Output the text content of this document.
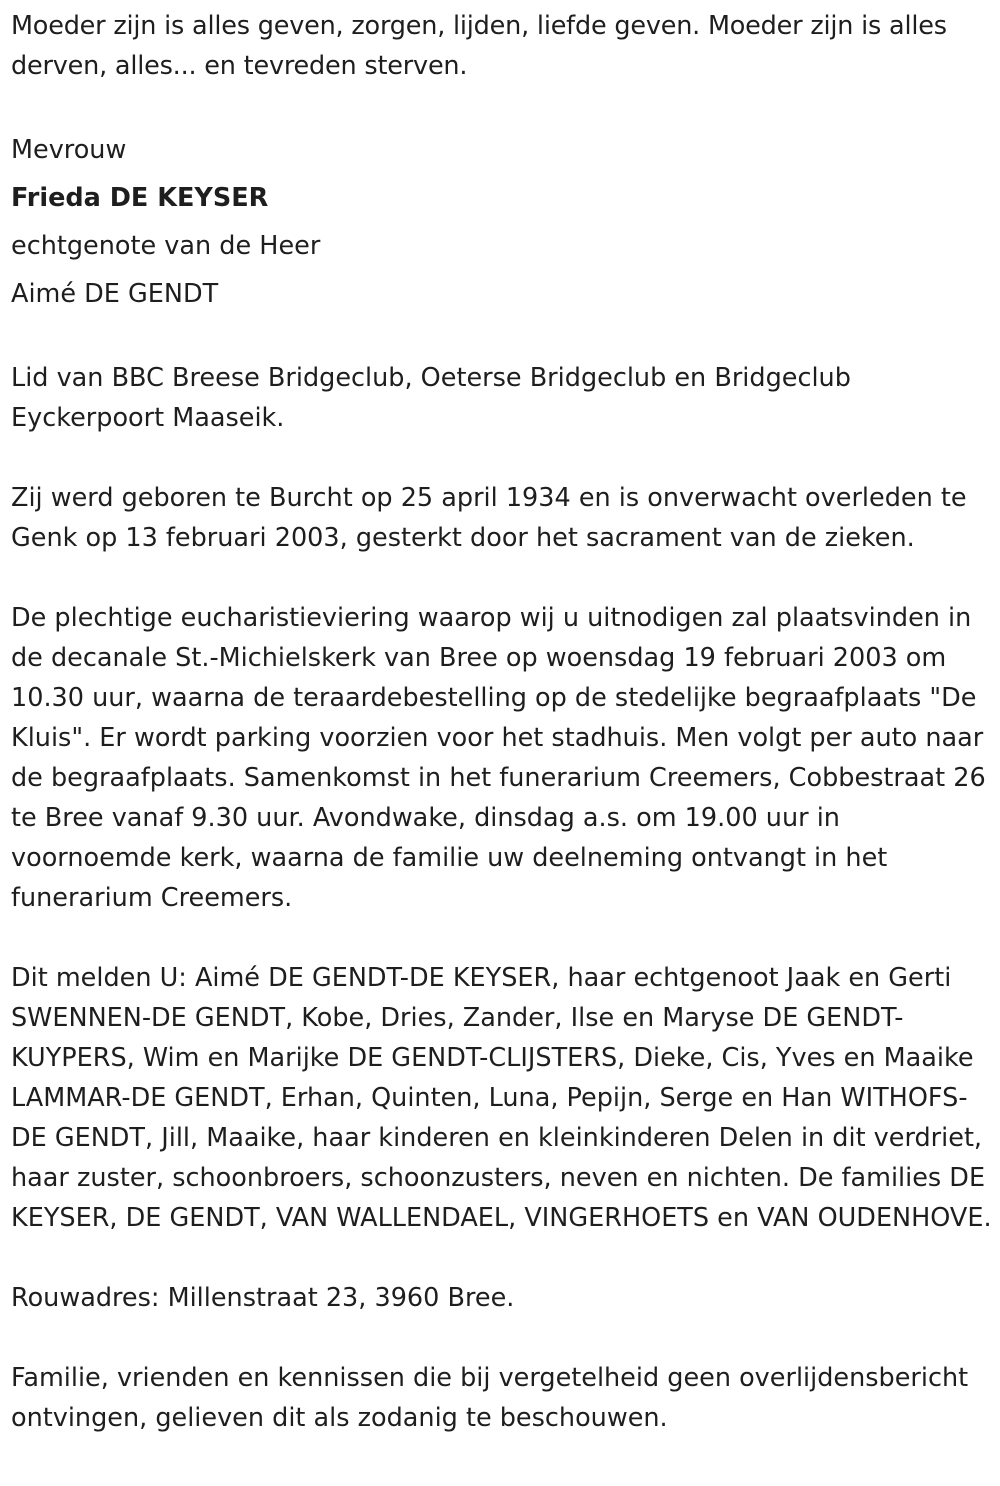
Moeder zijn is alles geven, zorgen, lijden, liefde geven. Moeder zijn is alles derven, alles... en tevreden sterven.

Mevrouw

Frieda DE KEYSER

echtgenote van de Heer

Aimé DE GENDT

Lid van BBC Breese Bridgeclub, Oeterse Bridgeclub en Bridgeclub Eyckerpoort Maaseik.

Zij werd geboren te Burcht op 25 april 1934 en is onverwacht overleden te Genk op 13 februari 2003, gesterkt door het sacrament van de zieken.

De plechtige eucharistieviering waarop wij u uitnodigen zal plaatsvinden in de decanale St.-Michielskerk van Bree op woensdag 19 februari 2003 om 10.30 uur, waarna de teraardebestelling op de stedelijke begraafplaats "De Kluis". Er wordt parking voorzien voor het stadhuis. Men volgt per auto naar de begraafplaats. Samenkomst in het funerarium Creemers, Cobbestraat 26 te Bree vanaf 9.30 uur. Avondwake, dinsdag a.s. om 19.00 uur in voornoemde kerk, waarna de familie uw deelneming ontvangt in het funerarium Creemers.

Dit melden U: Aimé DE GENDT-DE KEYSER, haar echtgenoot Jaak en Gerti SWENNEN-DE GENDT, Kobe, Dries, Zander, Ilse en Maryse DE GENDT-KUYPERS, Wim en Marijke DE GENDT-CLIJSTERS, Dieke, Cis, Yves en Maaike LAMMAR-DE GENDT, Erhan, Quinten, Luna, Pepijn, Serge en Han WITHOFS-DE GENDT, Jill, Maaike, haar kinderen en kleinkinderen Delen in dit verdriet, haar zuster, schoonbroers, schoonzusters, neven en nichten. De families DE KEYSER, DE GENDT, VAN WALLENDAEL, VINGERHOETS en VAN OUDENHOVE.

Rouwadres: Millenstraat 23, 3960 Bree.

Familie, vrienden en kennissen die bij vergetelheid geen overlijdensbericht ontvingen, gelieven dit als zodanig te beschouwen.
